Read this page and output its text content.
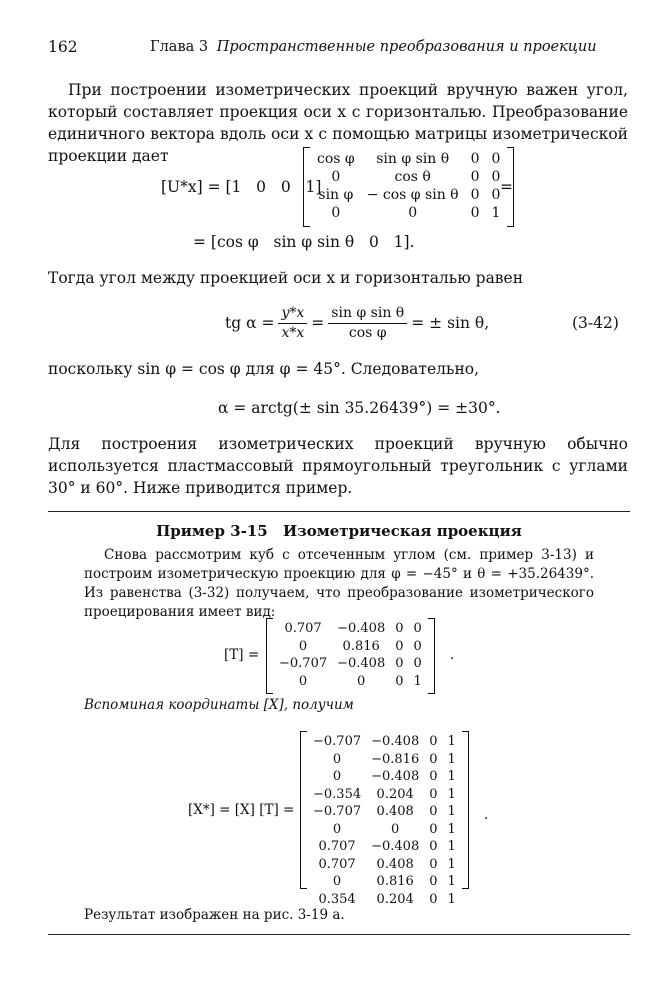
162	Глава 3 Пространственные преобразования и проекции
При построении изометрических проекций вручную важен угол, который составляет проекция оси x с горизонталью. Преобразование единичного вектора вдоль оси x с помощью матрицы изометрической проекции дает
[U*x] = [1   0   0   1]
cos φ	sin φ sin θ	0	0
0	cos θ	0	0
sin φ	− cos φ sin θ	0	0
0	0	0	1
=
= [cos φ   sin φ sin θ   0   1].
Тогда угол между проекцией оси x и горизонталью равен
tg $\alpha = \frac{y*x}{x*x} = \frac{\text{sin φ sin θ}}{\text{cos φ}}$ = ± sin θ,	(3-42)
поскольку sin φ = cos φ для φ = 45°. Следовательно,
α = arctg(± sin 35.26439°) = ±30°.
Для построения изометрических проекций вручную обычно используется пластмассовый прямоугольный треугольник с углами 30° и 60°. Ниже приводится пример.
Пример 3-15 Изометрическая проекция
Снова рассмотрим куб с отсеченным углом (см. пример 3-13) и построим изометрическую проекцию для φ = −45° и θ = +35.26439°. Из равенства (3-32) получаем, что преобразование изометрического проецирования имеет вид:
[T] =
0.707	−0.408	0	0
0	0.816	0	0
−0.707	−0.408	0	0
0	0	0	1
.
Вспоминая координаты [X], получим
[X*] = [X] [T] =
−0.707	−0.408	0	1
0	−0.816	0	1
0	−0.408	0	1
−0.354	0.204	0	1
−0.707	0.408	0	1
0	0	0	1
0.707	−0.408	0	1
0.707	0.408	0	1
0	0.816	0	1
0.354	0.204	0	1
.
Результат изображен на рис. 3-19 a.
